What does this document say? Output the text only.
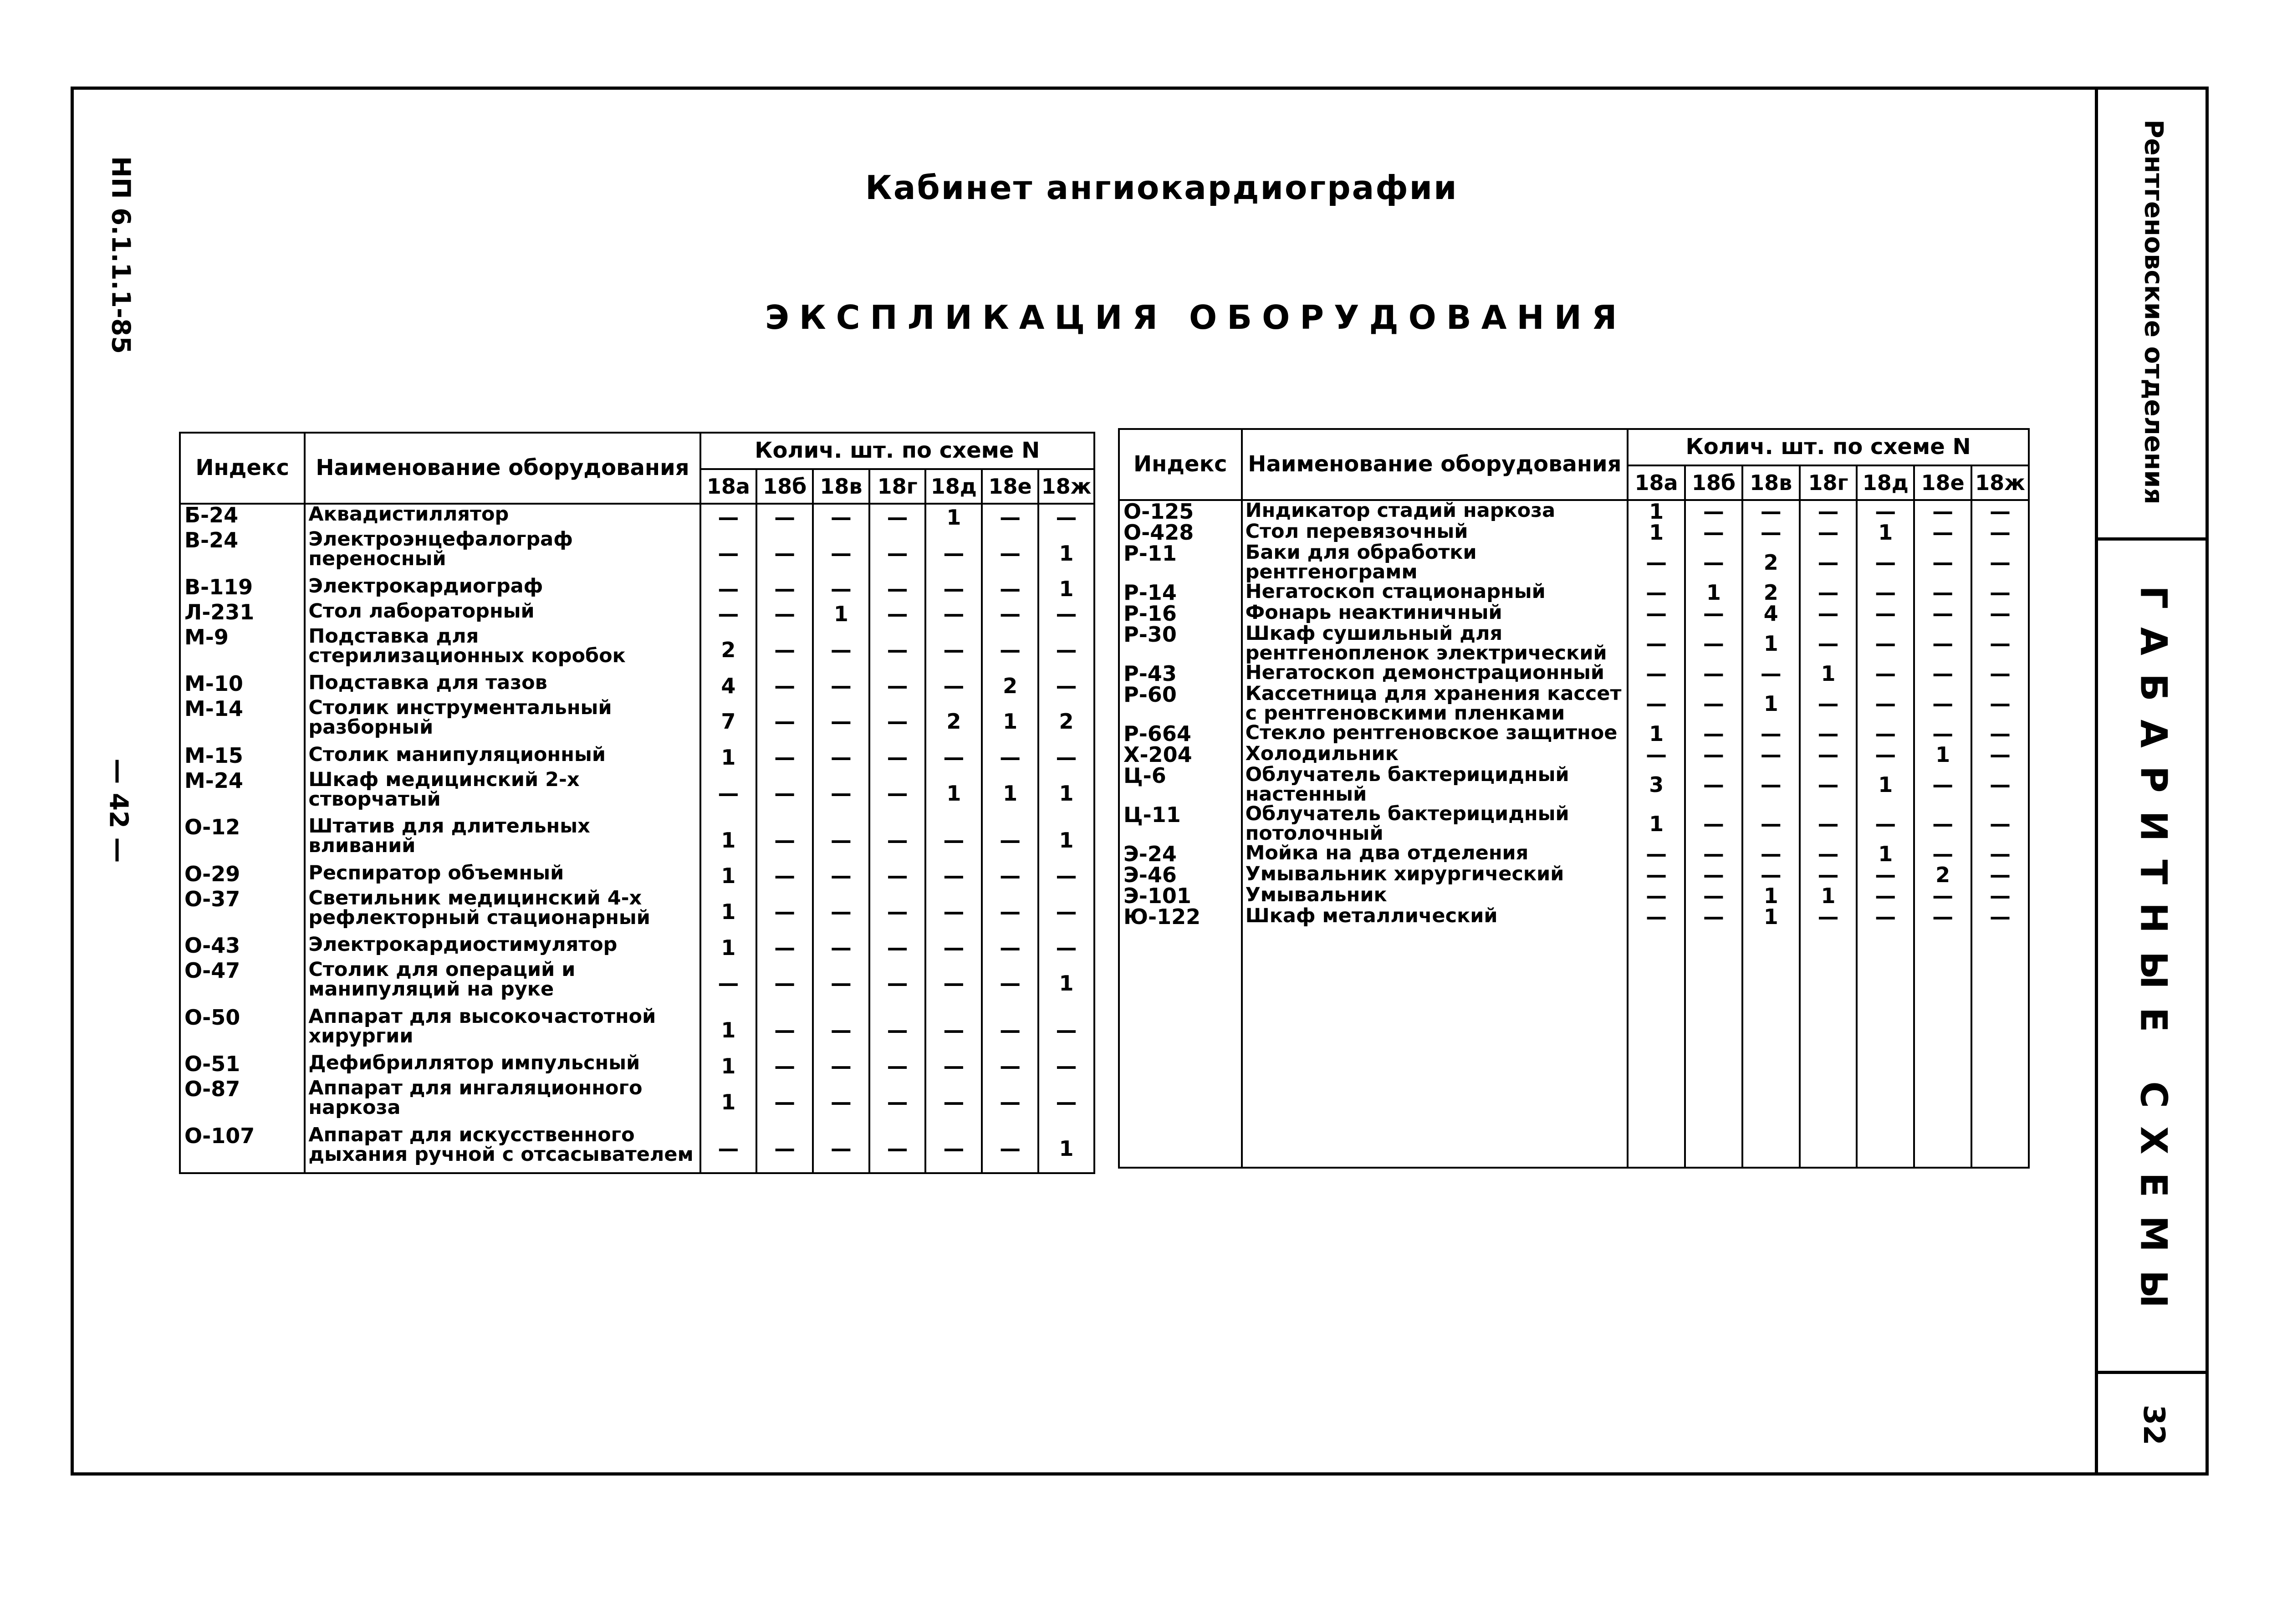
НП 6.1.1.1-85
— 42 —
Кабинет ангиокардиографии
ЭКСПЛИКАЦИЯ ОБОРУДОВАНИЯ	Рентгеновские отделения
ГАБАРИТНЫЕ СХЕМЫ
32
Индекс	Наименование оборудования	Колич. шт. по схеме N						
		18а	18б	18в	18г	18д	18е	18ж
Б-24	Аквадистиллятор	—	—	—	—	1	—	—
В-24	Электроэнцефалограф переносный	—	—	—	—	—	—	1
В-119	Электрокардиограф	—	—	—	—	—	—	1
Л-231	Стол лабораторный	—	—	1	—	—	—	—
М-9	Подставка для стерилизационных коробок	2	—	—	—	—	—	—
М-10	Подставка для тазов	4	—	—	—	—	2	—
М-14	Столик инструментальный разборный	7	—	—	—	2	1	2
М-15	Столик манипуляционный	1	—	—	—	—	—	—
М-24	Шкаф медицинский 2-х створчатый	—	—	—	—	1	1	1
О-12	Штатив для длительных вливаний	1	—	—	—	—	—	1
О-29	Респиратор объемный	1	—	—	—	—	—	—
О-37	Светильник медицинский 4-х рефлекторный стационарный	1	—	—	—	—	—	—
О-43	Электрокардиостимулятор	1	—	—	—	—	—	—
О-47	Столик для операций и манипуляций на руке	—	—	—	—	—	—	1
О-50	Аппарат для высокочастотной хирургии	1	—	—	—	—	—	—
О-51	Дефибриллятор импульсный	1	—	—	—	—	—	—
О-87	Аппарат для ингаляционного наркоза	1	—	—	—	—	—	—
О-107	Аппарат для искусственного дыхания ручной с отсасывателем	—	—	—	—	—	—	1
Индекс	Наименование оборудования	Колич. шт. по схеме N						
		18а	18б	18в	18г	18д	18е	18ж
О-125	Индикатор стадий наркоза	1	—	—	—	—	—	—
О-428	Стол перевязочный	1	—	—	—	1	—	—
Р-11	Баки для обработки рентгенограмм	—	—	2	—	—	—	—
Р-14	Негатоскоп стационарный	—	1	2	—	—	—	—
Р-16	Фонарь неактиничный	—	—	4	—	—	—	—
Р-30	Шкаф сушильный для рентгенопленок электрический	—	—	1	—	—	—	—
Р-43	Негатоскоп демонстрационный	—	—	—	1	—	—	—
Р-60	Кассетница для хранения кассет с рентгеновскими пленками	—	—	1	—	—	—	—
Р-664	Стекло рентгеновское защитное	1	—	—	—	—	—	—
Х-204	Холодильник	—	—	—	—	—	1	—
Ц-6	Облучатель бактерицидный настенный	3	—	—	—	1	—	—
Ц-11	Облучатель бактерицидный потолочный	1	—	—	—	—	—	—
Э-24	Мойка на два отделения	—	—	—	—	1	—	—
Э-46	Умывальник хирургический	—	—	—	—	—	2	—
Э-101	Умывальник	—	—	1	1	—	—	—
Ю-122	Шкаф металлический	—	—	1	—	—	—	—
